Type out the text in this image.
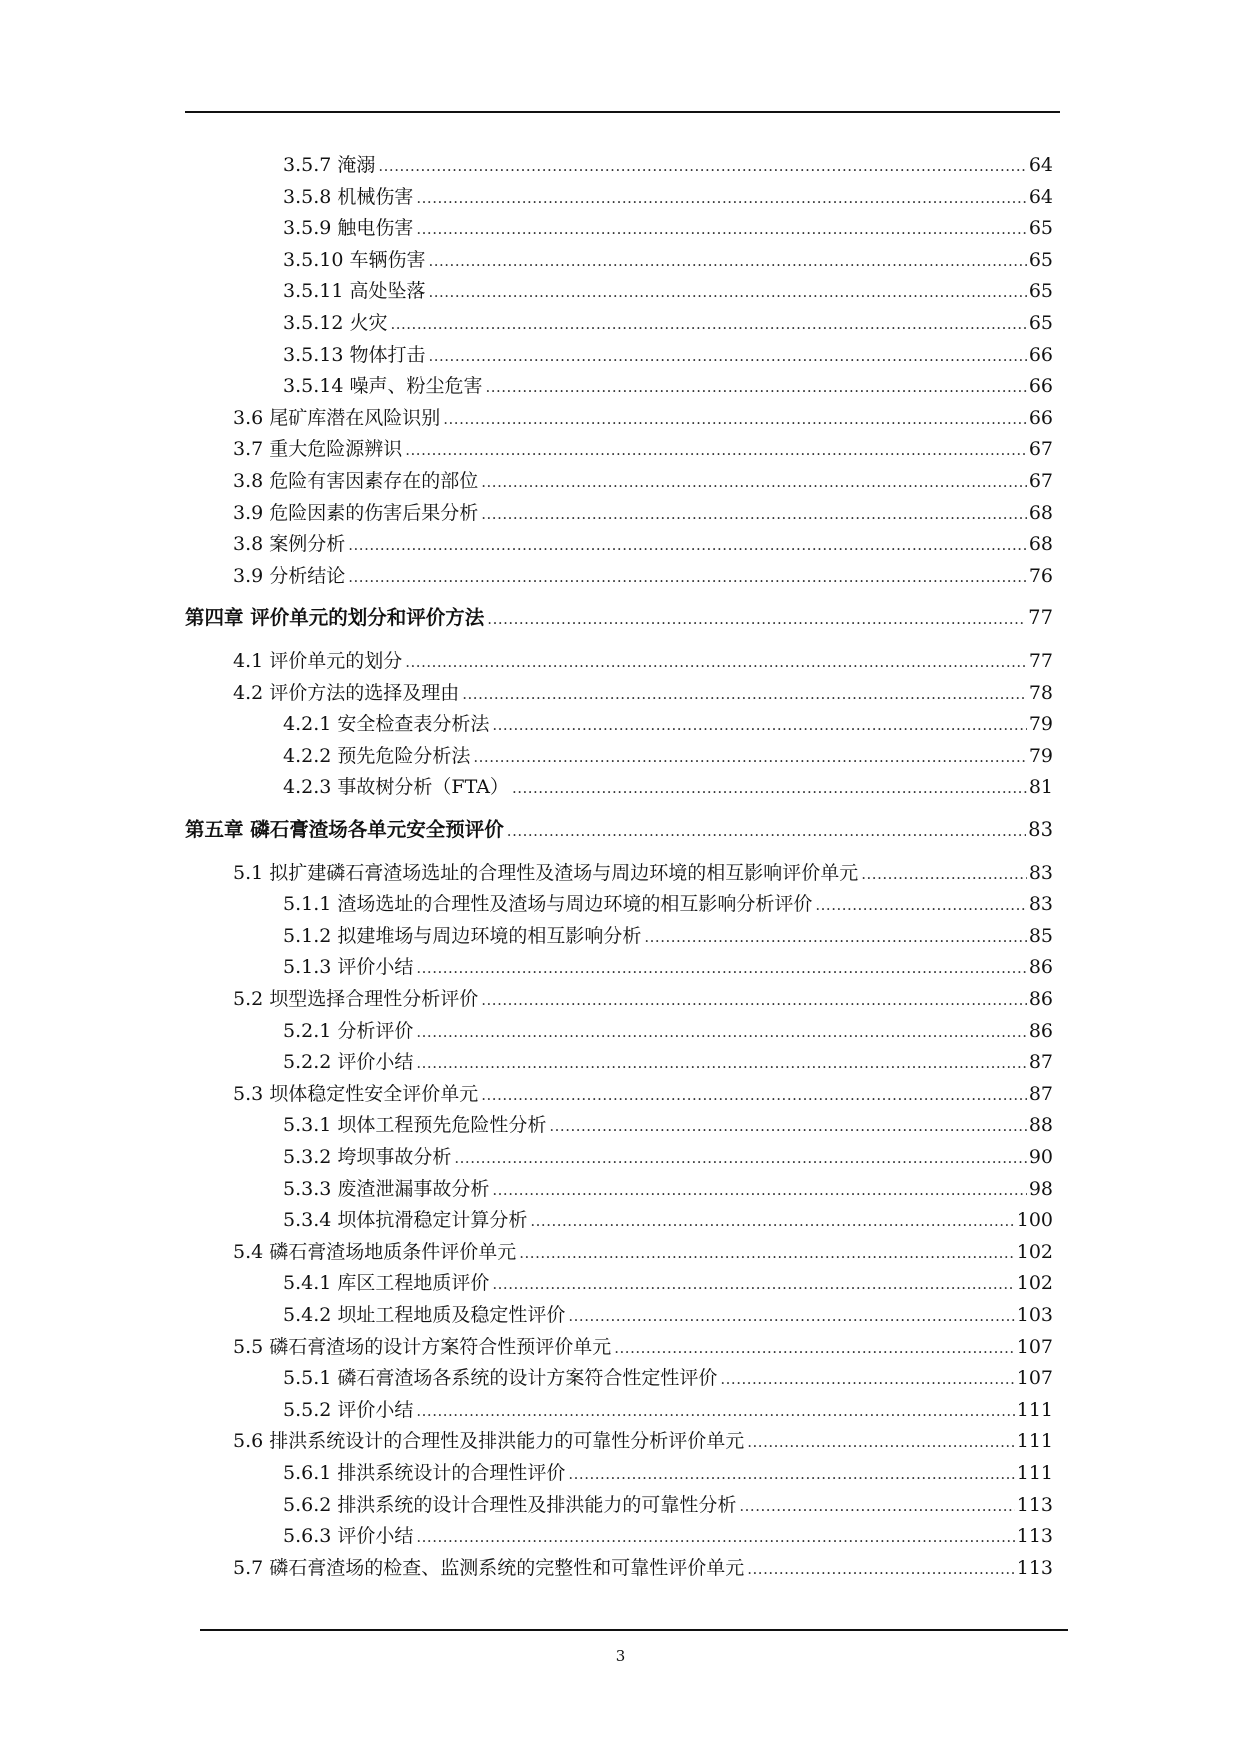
3.5.7 淹溺 .....	64
3.5.8 机械伤害 .....	64
3.5.9 触电伤害 .....	65
3.5.10 车辆伤害 .....	65
3.5.11 高处坠落 .....	65
3.5.12 火灾 .....	65
3.5.13 物体打击 .....	66
3.5.14 噪声、粉尘危害 .....	66
3.6 尾矿库潜在风险识别 .....	66
3.7 重大危险源辨识 .....	67
3.8 危险有害因素存在的部位 .....	67
3.9 危险因素的伤害后果分析 .....	68
3.8 案例分析 .....	68
3.9 分析结论 .....	76
第四章 评价单元的划分和评价方法 .....	77
4.1 评价单元的划分 .....	77
4.2 评价方法的选择及理由 .....	78
4.2.1 安全检查表分析法 .....	79
4.2.2 预先危险分析法 .....	79
4.2.3 事故树分析（FTA） .....	81
第五章 磷石膏渣场各单元安全预评价 .....	83
5.1 拟扩建磷石膏渣场选址的合理性及渣场与周边环境的相互影响评价单元 .....	83
5.1.1 渣场选址的合理性及渣场与周边环境的相互影响分析评价 .....	83
5.1.2 拟建堆场与周边环境的相互影响分析 .....	85
5.1.3 评价小结 .....	86
5.2 坝型选择合理性分析评价 .....	86
5.2.1 分析评价 .....	86
5.2.2 评价小结 .....	87
5.3 坝体稳定性安全评价单元 .....	87
5.3.1 坝体工程预先危险性分析 .....	88
5.3.2 垮坝事故分析 .....	90
5.3.3 废渣泄漏事故分析 .....	98
5.3.4 坝体抗滑稳定计算分析 .....	100
5.4 磷石膏渣场地质条件评价单元 .....	102
5.4.1 库区工程地质评价 .....	102
5.4.2 坝址工程地质及稳定性评价 .....	103
5.5 磷石膏渣场的设计方案符合性预评价单元 .....	107
5.5.1 磷石膏渣场各系统的设计方案符合性定性评价 .....	107
5.5.2 评价小结 .....	111
5.6 排洪系统设计的合理性及排洪能力的可靠性分析评价单元 .....	111
5.6.1 排洪系统设计的合理性评价 .....	111
5.6.2 排洪系统的设计合理性及排洪能力的可靠性分析 .....	113
5.6.3 评价小结 .....	113
5.7 磷石膏渣场的检查、监测系统的完整性和可靠性评价单元 .....	113
3
